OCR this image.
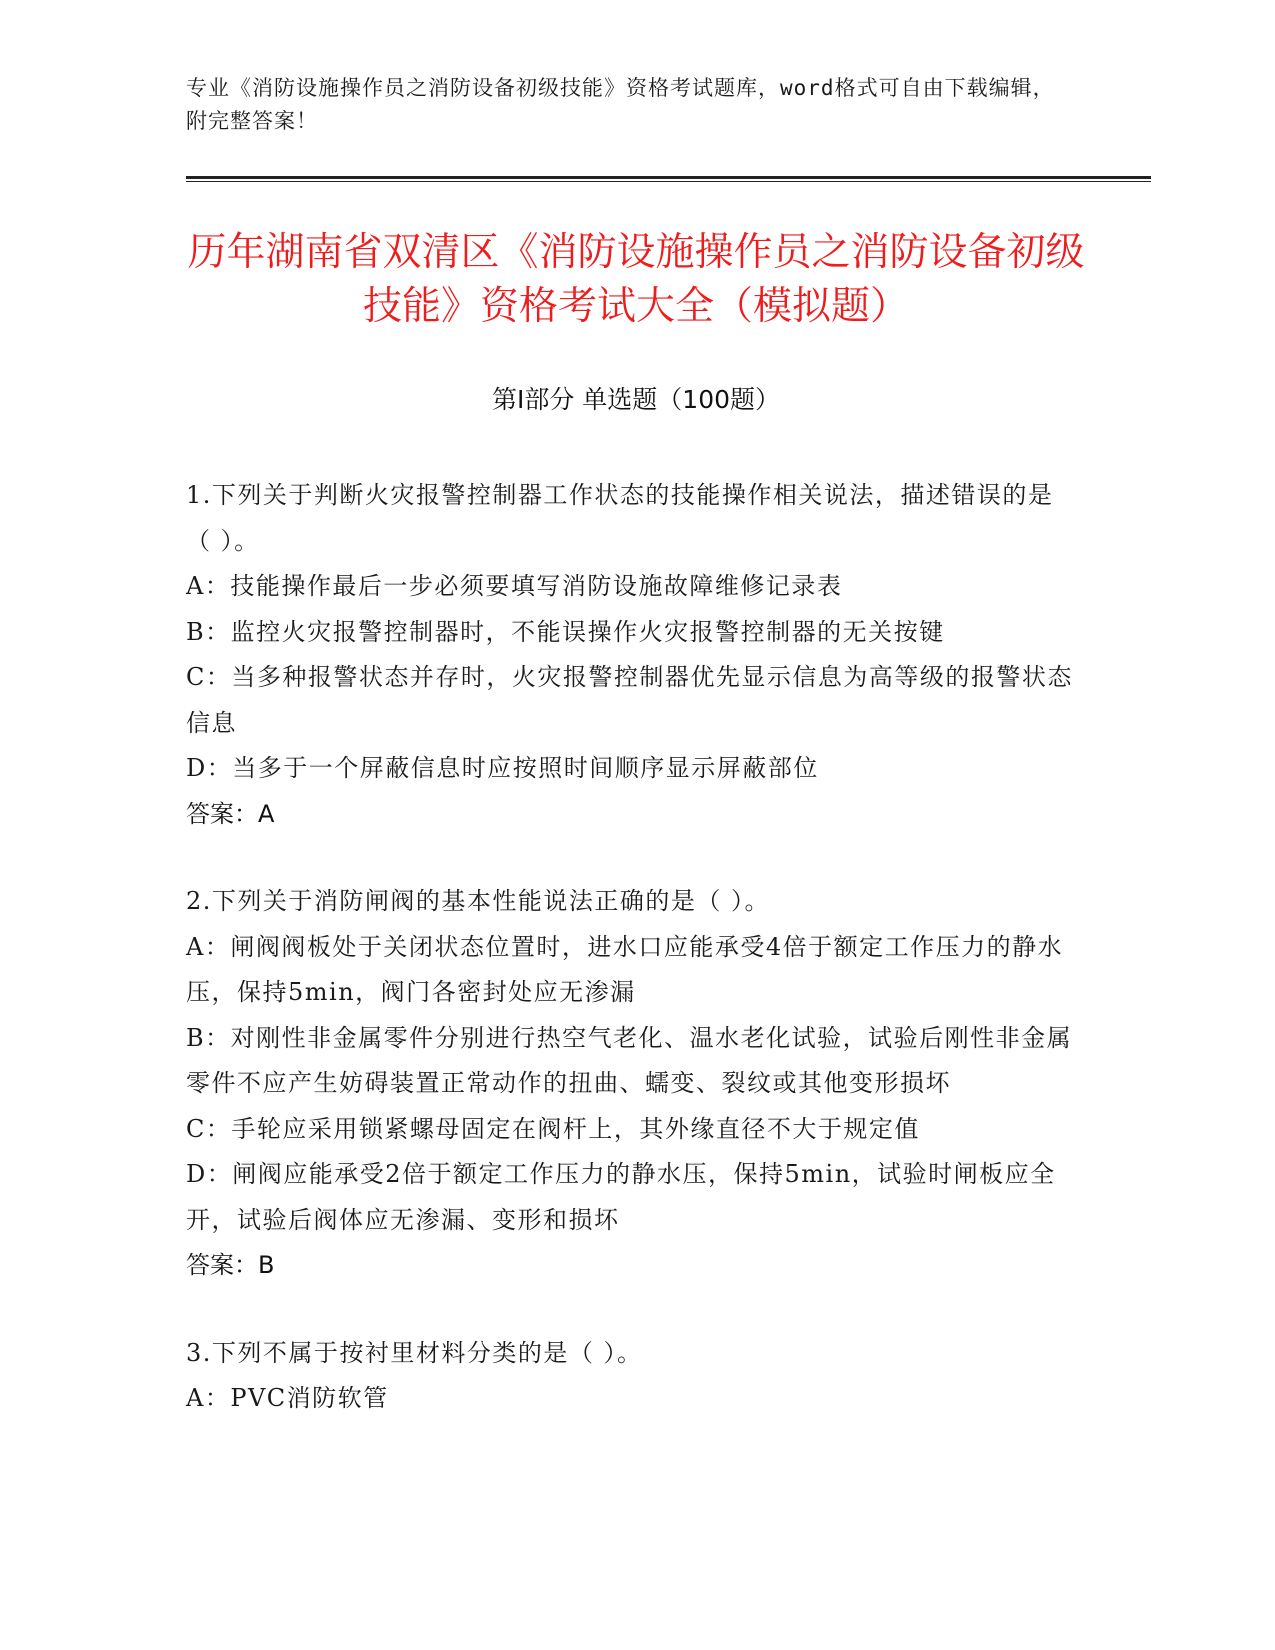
专业《消防设施操作员之消防设备初级技能》资格考试题库，word格式可自由下载编辑，附完整答案！
历年湖南省双清区《消防设施操作员之消防设备初级技能》资格考试大全（模拟题）
第I部分 单选题（100题）
1.下列关于判断火灾报警控制器工作状态的技能操作相关说法，描述错误的是（ ）。
A：技能操作最后一步必须要填写消防设施故障维修记录表
B：监控火灾报警控制器时，不能误操作火灾报警控制器的无关按键
C：当多种报警状态并存时，火灾报警控制器优先显示信息为高等级的报警状态信息
D：当多于一个屏蔽信息时应按照时间顺序显示屏蔽部位
答案：A
2.下列关于消防闸阀的基本性能说法正确的是（ ）。
A：闸阀阀板处于关闭状态位置时，进水口应能承受4倍于额定工作压力的静水压，保持5min，阀门各密封处应无渗漏
B：对刚性非金属零件分别进行热空气老化、温水老化试验，试验后刚性非金属零件不应产生妨碍装置正常动作的扭曲、蠕变、裂纹或其他变形损坏
C：手轮应采用锁紧螺母固定在阀杆上，其外缘直径不大于规定值
D：闸阀应能承受2倍于额定工作压力的静水压，保持5min，试验时闸板应全开，试验后阀体应无渗漏、变形和损坏
答案：B
3.下列不属于按衬里材料分类的是（ ）。
A：PVC消防软管
